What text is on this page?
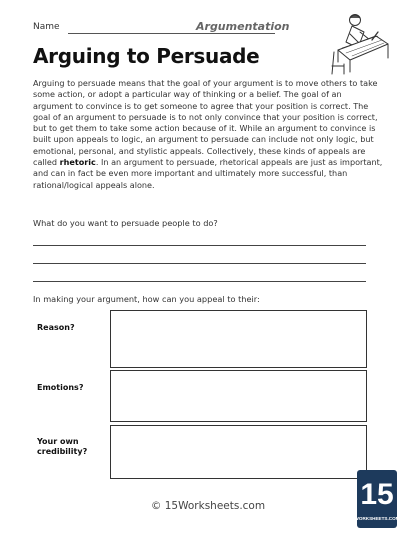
Name	Argumentation
Arguing to Persuade
Arguing to persuade means that the goal of your argument is to move others to take some action, or adopt a particular way of thinking or a belief. The goal of an argument to convince is to get someone to agree that your position is correct. The goal of an argument to persuade is to not only convince that your position is correct, but to get them to take some action because of it. While an argument to convince is built upon appeals to logic, an argument to persuade can include not only logic, but emotional, personal, and stylistic appeals. Collectively, these kinds of appeals are called rhetoric. In an argument to persuade, rhetorical appeals are just as important, and can in fact be even more important and ultimately more successful, than rational/logical appeals alone.
What do you want to persuade people to do?
In making your argument, how can you appeal to their:
Reason?
Emotions?
Your own
credibility?
© 15Worksheets.com	15
WORKSHEETS.COM
